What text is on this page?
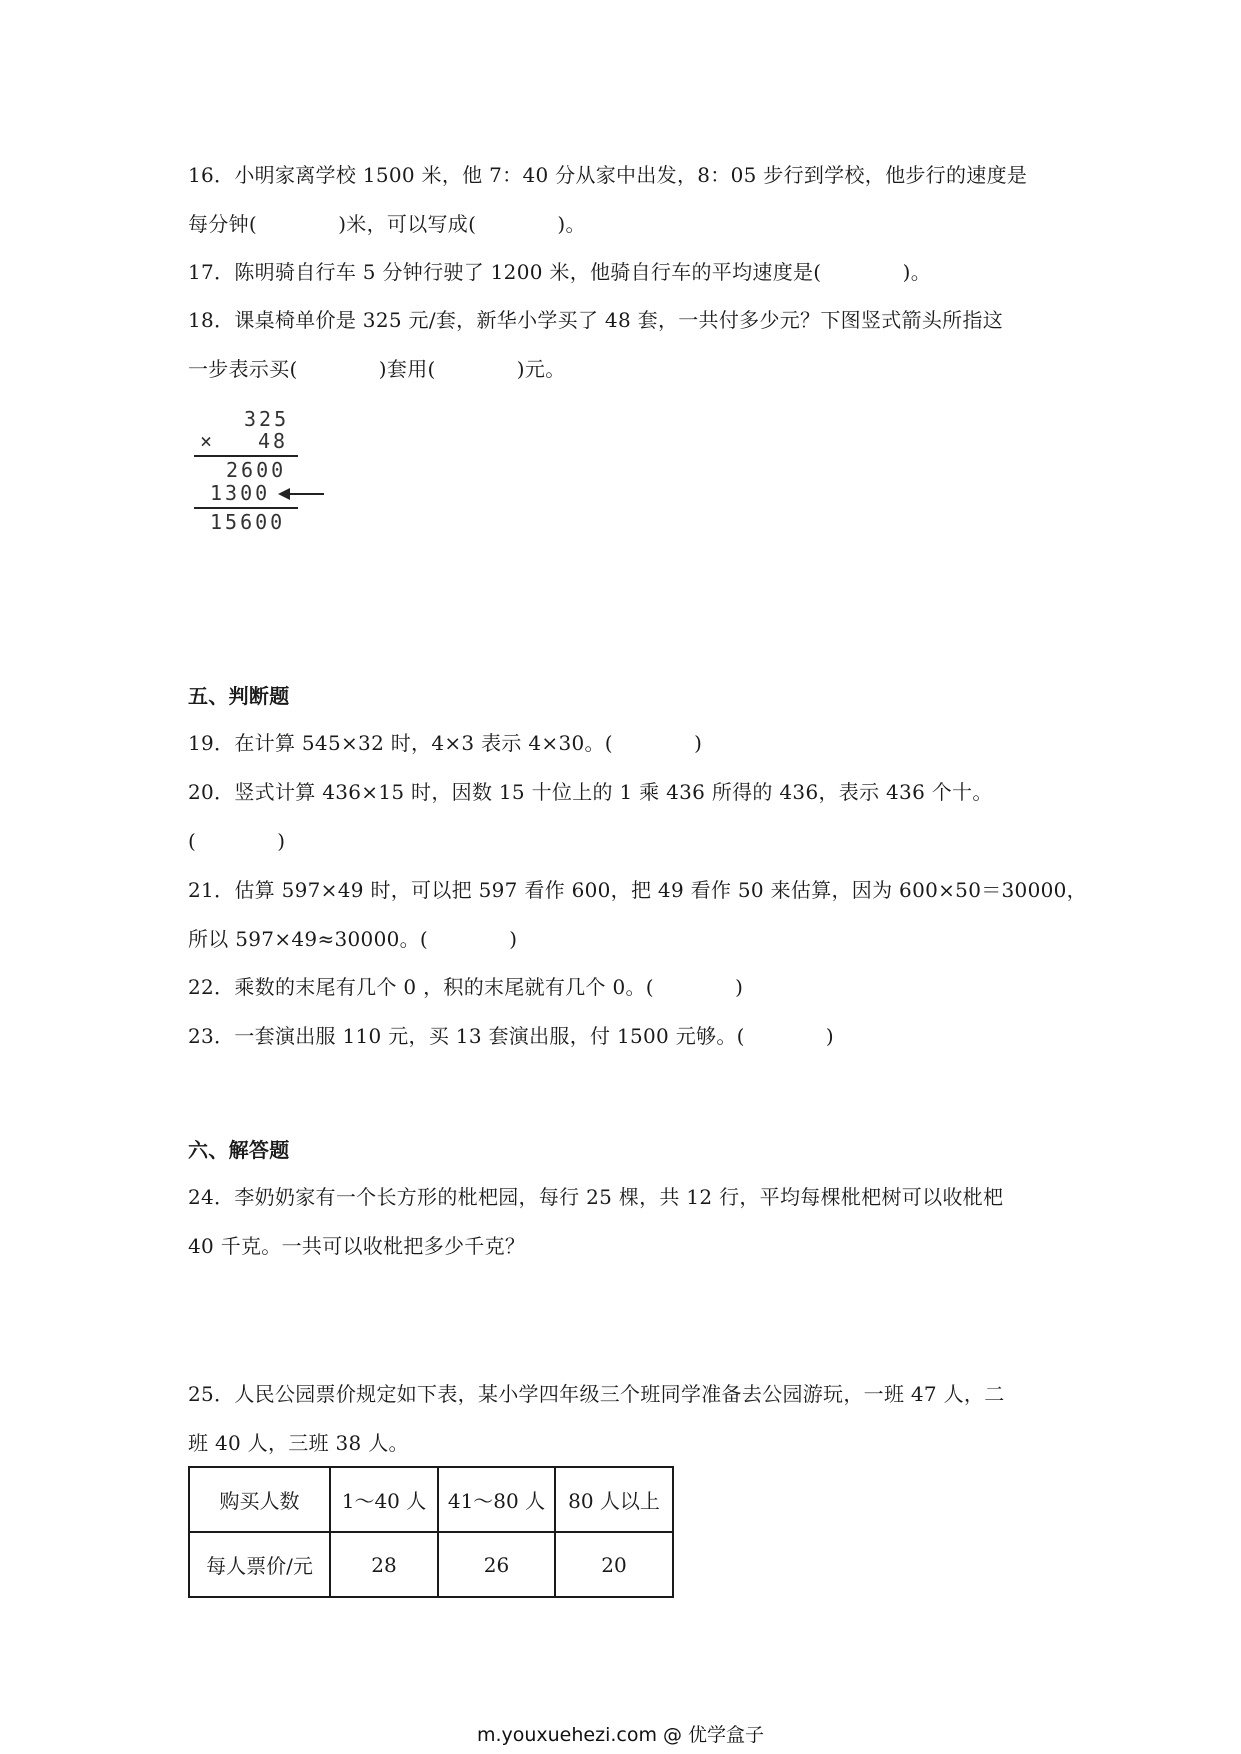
16．小明家离学校 1500 米，他 7：40 分从家中出发，8：05 步行到学校，他步行的速度是
每分钟(　　　　)米，可以写成(　　　　)。
17．陈明骑自行车 5 分钟行驶了 1200 米，他骑自行车的平均速度是(　　　　)。
18．课桌椅单价是 325 元/套，新华小学买了 48 套，一共付多少元？下图竖式箭头所指这
一步表示买(　　　　)套用(　　　　)元。
325
× 48
2600
1300
15600
五、判断题
19．在计算 545×32 时，4×3 表示 4×30。(　　　　)
20．竖式计算 436×15 时，因数 15 十位上的 1 乘 436 所得的 436，表示 436 个十。
(　　　　)
21．估算 597×49 时，可以把 597 看作 600，把 49 看作 50 来估算，因为 600×50＝30000，
所以 597×49≈30000。(　　　　)
22．乘数的末尾有几个 0 ，积的末尾就有几个 0。(　　　　)
23．一套演出服 110 元，买 13 套演出服，付 1500 元够。(　　　　)
六、解答题
24．李奶奶家有一个长方形的枇杷园，每行 25 棵，共 12 行，平均每棵枇杷树可以收枇杷
40 千克。一共可以收枇把多少千克？
25．人民公园票价规定如下表，某小学四年级三个班同学准备去公园游玩，一班 47 人，二
班 40 人，三班 38 人。
购买人数	1～40 人	41～80 人	80 人以上
每人票价/元	28	26	20
m.youxuehezi.com @ 优学盒子
